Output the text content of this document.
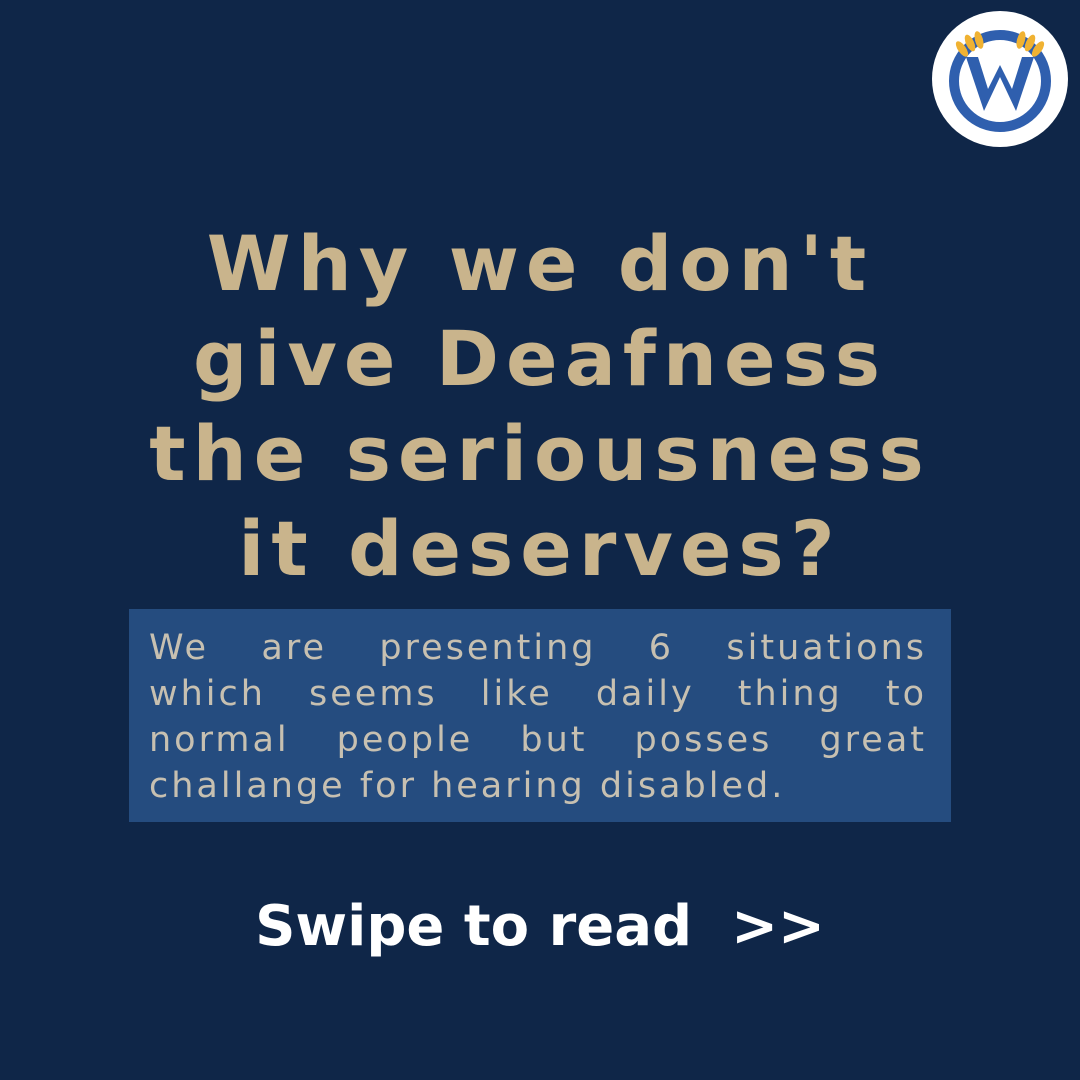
Why we don't
give Deafness
the seriousness
it deserves?
We are presenting 6 situations
which seems like daily thing to
normal people but posses great
challange for hearing disabled.
Swipe to read  >>
